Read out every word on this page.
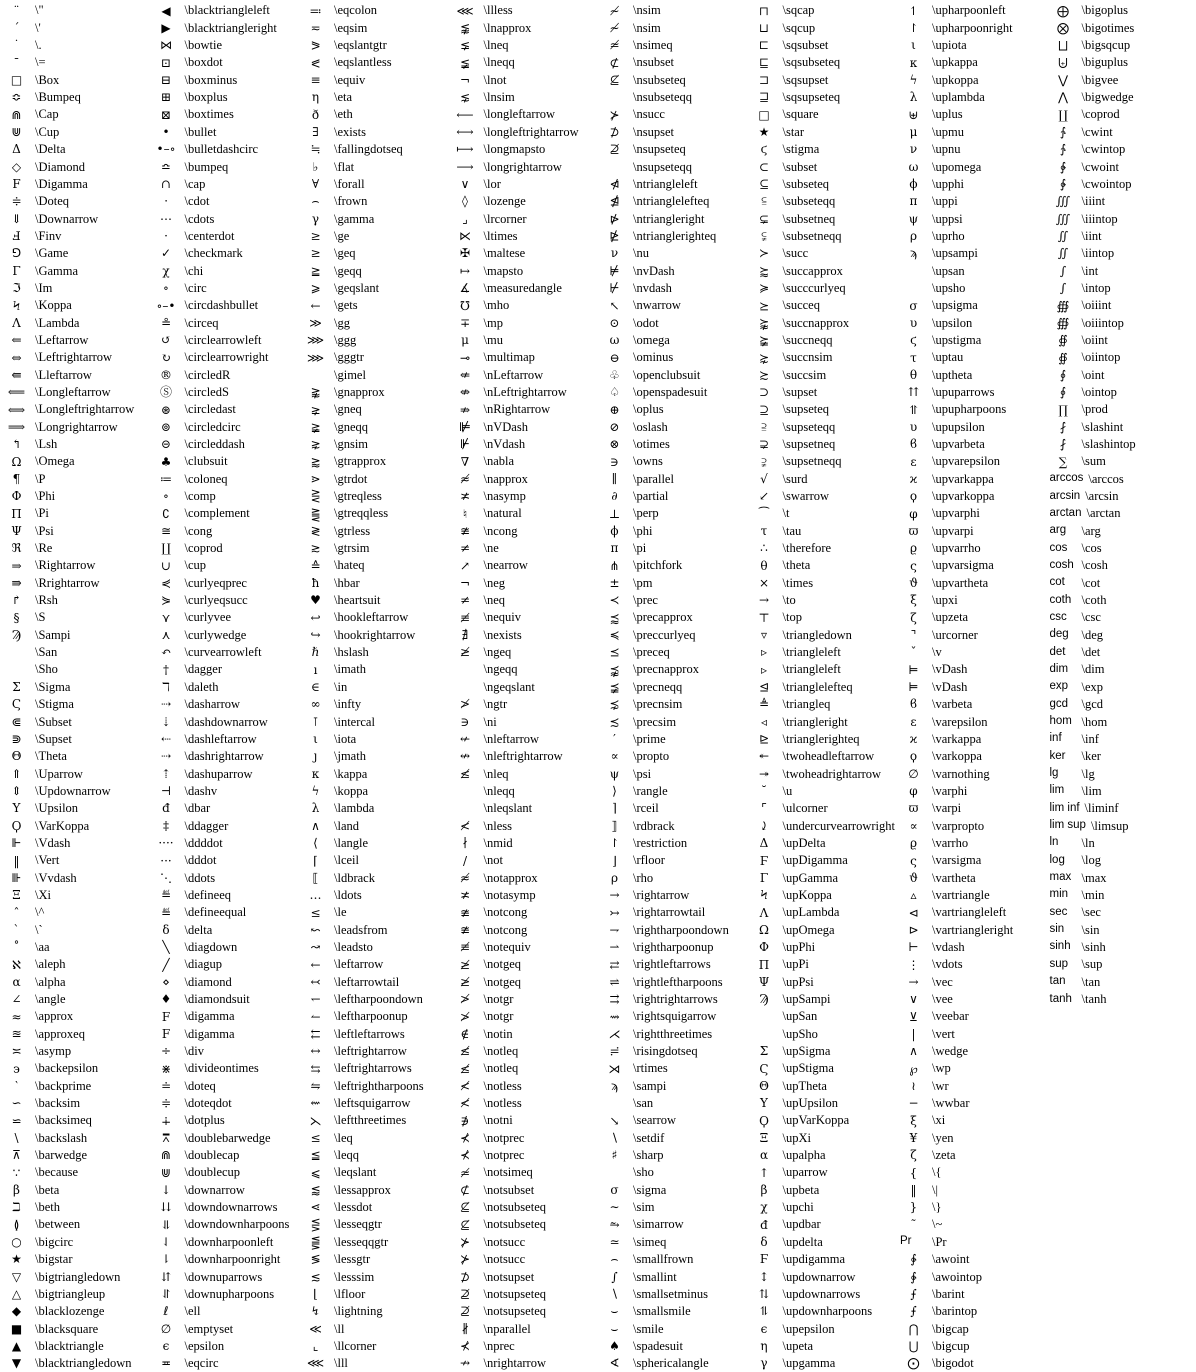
¨	\"
´	\'
˙	\.
¯	\=
□	\Box
≎	\Bumpeq
⋒	\Cap
⋓	\Cup
Δ	\Delta
◇	\Diamond
F	\Digamma
≑	\Doteq
⇓	\Downarrow
Ⅎ	\Finv
⅁	\Game
Γ	\Gamma
ℑ	\Im
Ϟ	\Koppa
Λ	\Lambda
⇐	\Leftarrow
⇔	\Leftrightarrow
⇚	\Lleftarrow
⟸ \Longleftarrow
⟺ \Longleftrightarrow
⟹ \Longrightarrow
↰	\Lsh
Ω	\Omega
¶	\P
Φ	\Phi
Π	\Pi
Ψ	\Psi
ℜ	\Re
⇒	\Rightarrow
⇛	\Rrightarrow
↱	\Rsh
§	\S
Ϡ	\Sampi
\San
\Sho
Σ	\Sigma
Ϛ	\Stigma
⋐	\Subset
⋑	\Supset
Θ	\Theta
⇑	\Uparrow
⇕	\Updownarrow
Υ	\Upsilon
Ϙ	\VarKoppa
⊩	\Vdash
‖	\Vert
⊪	\Vvdash
Ξ	\Xi
ˆ	\^
ˋ	\`
˚	\aa
ℵ	\aleph
α	\alpha
∠	\angle
≈	\approx
≊	\approxeq
≍	\asymp
϶	\backepsilon
‵	\backprime
∽	\backsim
⋍	\backsimeq
\	\backslash
⊼	\barwedge
∵	\because
β	\beta
ℶ	\beth
≬	\between
○	\bigcirc
★	\bigstar
▽	\bigtriangledown
△	\bigtriangleup
◆	\blacklozenge
■	\blacksquare
▲	\blacktriangle
▼	\blacktriangledown
◀	\blacktriangleleft
▶	\blacktriangleright
⋈	\bowtie
⊡	\boxdot
⊟	\boxminus
⊞	\boxplus
⊠	\boxtimes
•	\bullet
•–∘ \bulletdashcirc
≏	\bumpeq
∩	\cap
⋅	\cdot
⋯	\cdots
·	\centerdot
✓	\checkmark
χ	\chi
∘	\circ
∘–• \circdashbullet
≗	\circeq
↺	\circlearrowleft
↻	\circlearrowright
®	\circledR
Ⓢ	\circledS
⊛	\circledast
⊚	\circledcirc
⊝	\circleddash
♣	\clubsuit
≔ \coloneq
∘	\comp
∁	\complement
≅	\cong
∐	\coprod
∪	\cup
⋞	\curlyeqprec
⋟	\curlyeqsucc
⋎	\curlyvee
⋏	\curlywedge
↶	\curvearrowleft
†	\dagger
ℸ	\daleth
⇢	\dasharrow
⇣	\dashdownarrow
⇠	\dashleftarrow
⇢	\dashrightarrow
⇡	\dashuparrow
⊣	\dashv
đ	\dbar
‡	\ddagger
···· \ddddot
···	\dddot
⋱	\ddots
≝	\defineeq
≝	\defineequal
δ	\delta
╲	\diagdown
╱	\diagup
⋄	\diamond
♦	\diamondsuit
F	\digamma
F	\digamma
÷	\div
⋇	\divideontimes
≐	\doteq
≑	\doteqdot
∔	\dotplus
⩞	\doublebarwedge
⋒	\doublecap
⋓	\doublecup
↓	\downarrow
⇊	\downdownarrows
⥥	\downdownharpoons
⇃	\downharpoonleft
⇂	\downharpoonright
⇵	\downuparrows
⥯	\downupharpoons
ℓ	\ell
∅	\emptyset
ϵ	\epsilon
≖	\eqcirc
≕ \eqcolon
≂	\eqsim
⪖	\eqslantgtr
⪕	\eqslantless
≡	\equiv
η	\eta
ð	\eth
∃	\exists
≒	\fallingdotseq
♭	\flat
∀	\forall
⌢	\frown
γ	\gamma
≥	\ge
≥	\geq
≧	\geqq
⩾	\geqslant
←	\gets
≫ \gg
⋙ \ggg
⋙ \gggtr
\gimel
⪊	\gnapprox
⪈	\gneq
≩	\gneqq
⋧	\gnsim
⪆	\gtrapprox
⋗	\gtrdot
⋛	\gtreqless
⪌	\gtreqqless
≷	\gtrless
≳	\gtrsim
≙	\hateq
ħ	\hbar
♥	\heartsuit
↩	\hookleftarrow
↪	\hookrightarrow
ℏ	\hslash
ı	\imath
∈	\in
∞	\infty
⊺	\intercal
ι	\iota
ȷ	\jmath
κ	\kappa
ϟ	\koppa
λ	\lambda
∧	\land
⟨	\langle
⌈	\lceil
⟦	\ldbrack
…	\ldots
≤	\le
↜	\leadsfrom
↝	\leadsto
←	\leftarrow
↢	\leftarrowtail
↽	\leftharpoondown
↼	\leftharpoonup
⇇	\leftleftarrows
↔	\leftrightarrow
⇆	\leftrightarrows
⇋	\leftrightharpoons
⇜	\leftsquigarrow
⋋	\leftthreetimes
≤	\leq
≦	\leqq
⩽	\leqslant
⪅	\lessapprox
⋖	\lessdot
⋚	\lesseqgtr
⪋	\lesseqqgtr
≶	\lessgtr
≲	\lesssim
⌊	\lfloor
↯	\lightning
≪ \ll
⌞	\llcorner
⋘ \lll
⋘ \llless
⪉	\lnapprox
⪇	\lneq
≨	\lneqq
¬	\lnot
⋦	\lnsim
⟵ \longleftarrow
⟷ \longleftrightarrow
⟼ \longmapsto
⟶ \longrightarrow
∨	\lor
◊	\lozenge
⌟	\lrcorner
⋉	\ltimes
✠	\maltese
↦	\mapsto
∡	\measuredangle
℧	\mho
∓	\mp
μ	\mu
⊸	\multimap
⇍	\nLeftarrow
⇎	\nLeftrightarrow
⇏	\nRightarrow
⊯ \nVDash
⊮	\nVdash
∇	\nabla
≉	\napprox
≭	\nasymp
♮	\natural
≇	\ncong
≠	\ne
↗	\nearrow
¬	\neg
≠	\neq
≢	\nequiv
∄	\nexists
≱	\ngeq
\ngeqq
\ngeqslant
≯	\ngtr
∋	\ni
↚	\nleftarrow
↮	\nleftrightarrow
≰	\nleq
\nleqq
\nleqslant
≮	\nless
∤	\nmid
/	\not
≉	\notapprox
≭	\notasymp
≇	\notcong
≇	\notcong
≢	\notequiv
≱	\notgeq
≱	\notgeq
≯	\notgr
≯	\notgr
∉	\notin
≰	\notleq
≰	\notleq
≮	\notless
≮	\notless
∌	\notni
⊀	\notprec
⊀	\notprec
≄	\notsimeq
⊄	\notsubset
⊈	\notsubseteq
⊈	\notsubseteq
⊁	\notsucc
⊁	\notsucc
⊅	\notsupset
⊉	\notsupseteq
⊉	\notsupseteq
∦	\nparallel
⊀	\nprec
↛	\nrightarrow
≁	\nsim
≁	\nsim
≄	\nsimeq
⊄	\nsubset
⊈	\nsubseteq
\nsubseteqq
⊁	\nsucc
⊅	\nsupset
⊉	\nsupseteq
\nsupseteqq
⋪	\ntriangleleft
⋬	\ntrianglelefteq
⋫	\ntriangleright
⋭	\ntrianglerighteq
ν	\nu
⊭	\nvDash
⊬	\nvdash
↖	\nwarrow
⊙	\odot
ω	\omega
⊖	\ominus
♧	\openclubsuit
♤	\openspadesuit
⊕	\oplus
⊘	\oslash
⊗	\otimes
∋	\owns
∥	\parallel
∂	\partial
⊥	\perp
ϕ	\phi
π	\pi
⋔	\pitchfork
±	\pm
≺	\prec
⪷	\precapprox
≼	\preccurlyeq
⪯	\preceq
⪹	\precnapprox
⪵	\precneqq
⋨	\precnsim
≾	\precsim
′	\prime
∝	\propto
ψ	\psi
⟩	\rangle
⌉	\rceil
⟧	\rdbrack
↾	\restriction
⌋	\rfloor
ρ	\rho
→	\rightarrow
↣	\rightarrowtail
⇁	\rightharpoondown
⇀	\rightharpoonup
⇄	\rightleftarrows
⇌	\rightleftharpoons
⇉	\rightrightarrows
⇝	\rightsquigarrow
⋌	\rightthreetimes
≓	\risingdotseq
⋊	\rtimes
ϡ	\sampi
\san
↘	\searrow
∖	\setdif
♯	\sharp
\sho
σ	\sigma
∼	\sim
⥲	\simarrow
≃	\simeq
⌢	\smallfrown
∫	\smallint
∖	\smallsetminus
⌣	\smallsmile
⌣	\smile
♠	\spadesuit
∢	\sphericalangle
⊓	\sqcap
⊔	\sqcup
⊏	\sqsubset
⊑	\sqsubseteq
⊐	\sqsupset
⊒	\sqsupseteq
□	\square
★	\star
ϛ	\stigma
⊂	\subset
⊆	\subseteq
⫅	\subseteqq
⊊	\subsetneq
⫋	\subsetneqq
≻	\succ
⪸	\succapprox
≽	\succcurlyeq
⪰	\succeq
⪺	\succnapprox
⪶	\succneqq
⋩	\succnsim
≿	\succsim
⊃	\supset
⊇	\supseteq
⫆	\supseteqq
⊋	\supsetneq
⫌	\supsetneqq
√	\surd
↙	\swarrow
⁀	\t
τ	\tau
∴	\therefore
θ	\theta
×	\times
→	\to
⊤	\top
▿	\triangledown
▹	\triangleleft
▹	\triangleleft
⊴	\trianglelefteq
≜	\triangleq
◃	\triangleright
⊵	\trianglerighteq
↞	\twoheadleftarrow
↠	\twoheadrightarrow
˘	\u
⌜	\ulcorner
⤸	\undercurvearrowright
Δ	\upDelta
Ϝ	\upDigamma
Γ	\upGamma
Ϟ	\upKoppa
Λ	\upLambda
Ω	\upOmega
Φ	\upPhi
Π	\upPi
Ψ	\upPsi
Ϡ	\upSampi
\upSan
\upSho
Σ	\upSigma
Ϛ	\upStigma
Θ	\upTheta
Υ	\upUpsilon
Ϙ	\upVarKoppa
Ξ	\upXi
α	\upalpha
↑	\uparrow
β	\upbeta
χ	\upchi
đ	\updbar
δ	\updelta
Ϝ	\updigamma
↕	\updownarrow
⇅	\updownarrows
⥮	\updownharpoons
ϵ	\upepsilon
η	\upeta
γ	\upgamma
↿	\upharpoonleft
↾	\upharpoonright
ι	\upiota
κ	\upkappa
ϟ	\upkoppa
λ	\uplambda
⊎	\uplus
μ	\upmu
ν	\upnu
ω	\upomega
ϕ	\upphi
π	\uppi
ψ	\uppsi
ρ	\uprho
ϡ	\upsampi
\upsan
\upsho
σ	\upsigma
υ	\upsilon
ϛ	\upstigma
τ	\uptau
θ	\uptheta
⇈	\upuparrows
⥣	\upupharpoons
υ	\upupsilon
ϐ	\upvarbeta
ε	\upvarepsilon
ϰ	\upvarkappa
ϙ	\upvarkoppa
φ	\upvarphi
ϖ	\upvarpi
ϱ	\upvarrho
ς	\upvarsigma
ϑ	\upvartheta
ξ	\upxi
ζ	\upzeta
⌝	\urcorner
ˇ	\v
⊨	\vDash
⊨	\vDash
ϐ	\varbeta
ε	\varepsilon
ϰ	\varkappa
ϙ	\varkoppa
∅	\varnothing
φ	\varphi
ϖ	\varpi
∝	\varpropto
ϱ	\varrho
ς	\varsigma
ϑ	\vartheta
▵	\vartriangle
⊲	\vartriangleleft
⊳	\vartriangleright
⊢	\vdash
⋮	\vdots
→	\vec
∨	\vee
⊻	\veebar
|	\vert
∧	\wedge
℘	\wp
≀	\wr
−	\wwbar
ξ	\xi
¥	\yen
ζ	\zeta
{	\{
‖	\|
}	\}
˜	\~
Pr	\Pr
∳	\awoint
∳	\awointop
⨍	\barint
⨍	\barintop
⋂	\bigcap
⋃	\bigcup
⨀	\bigodot
⨁	\bigoplus
⨂	\bigotimes
⨆	\bigsqcup
⨄	\biguplus
⋁	\bigvee
⋀	\bigwedge
∐	\coprod
∱	\cwint
∱	\cwintop
∲	\cwoint
∲	\cwointop
∭ \iiint
∭ \iiintop
∬	\iint
∬	\iintop
∫	\int
∫	\intop
∰ \oiiint
∰ \oiiintop
∯	\oiint
∯	\oiintop
∮	\oint
∮	\ointop
∏	\prod
⨏	\slashint
⨏	\slashintop
∑	\sum
arccos \arccos
arcsin \arcsin
arctan \arctan
arg	\arg
cos	\cos
cosh \cosh
cot	\cot
coth \coth
csc	\csc
deg	\deg
det	\det
dim	\dim
exp	\exp
gcd	\gcd
hom \hom
inf	\inf
ker	\ker
lg	\lg
lim	\lim
lim inf \liminf
lim sup \limsup
ln	\ln
log	\log
max \max
min	\min
sec	\sec
sin	\sin
sinh \sinh
sup	\sup
tan	\tan
tanh \tanh
